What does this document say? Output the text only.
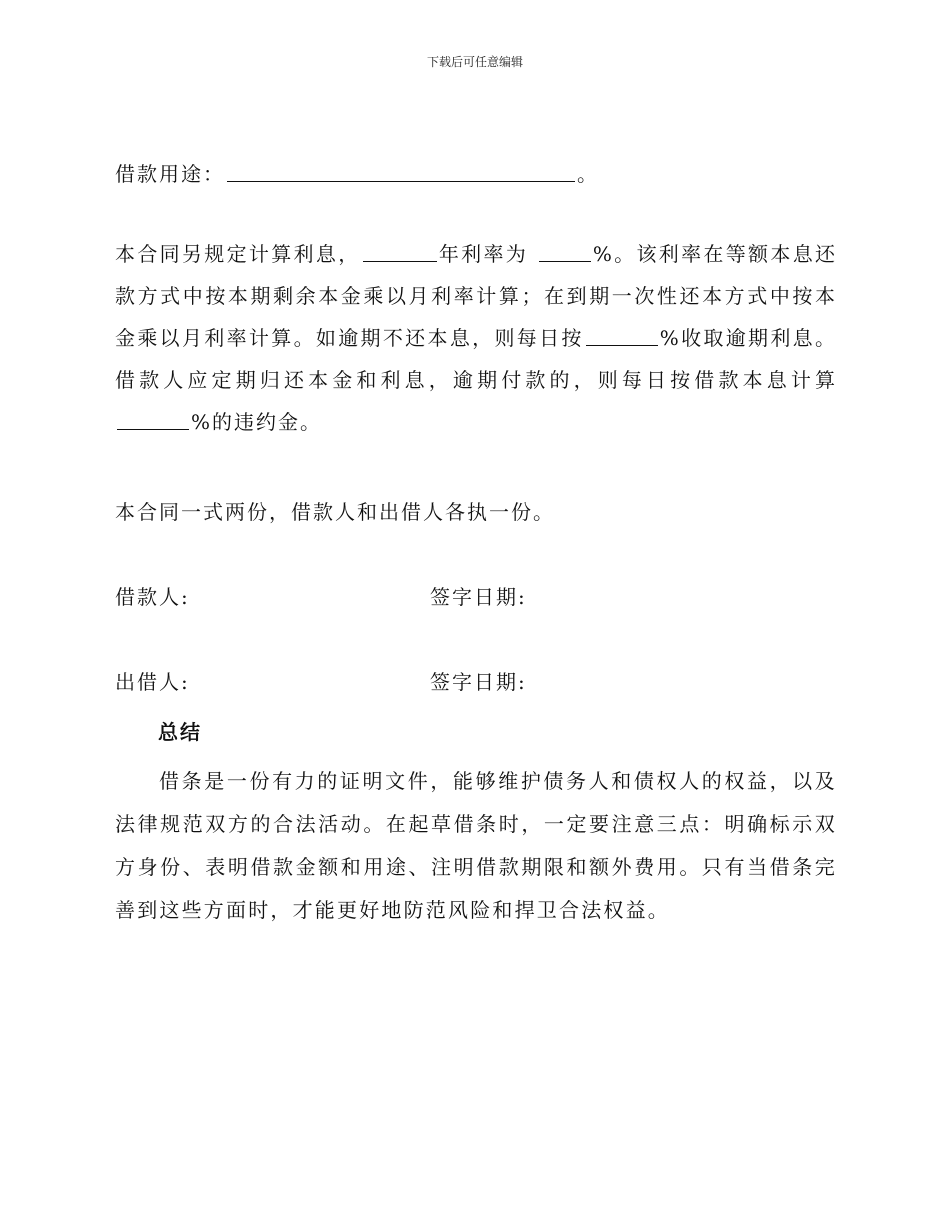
下载后可任意编辑
借款用途：	。
本合同另规定计算利息，	年利率为	%。该利率在等额本息还款方式中按本期剩余本金乘以月利率计算；在到期一次性还本方式中按本金乘以月利率计算。如逾期不还本息，则每日按	%收取逾期利息。借款人应定期归还本金和利息，逾期付款的，则每日按借款本息计算%的违约金。
本合同一式两份，借款人和出借人各执一份。
借款人:	签字日期:
出借人:	签字日期:
总结
借条是一份有力的证明文件，能够维护债务人和债权人的权益，以及法律规范双方的合法活动。在起草借条时，一定要注意三点：明确标示双方身份、表明借款金额和用途、注明借款期限和额外费用。只有当借条完善到这些方面时，才能更好地防范风险和捍卫合法权益。
